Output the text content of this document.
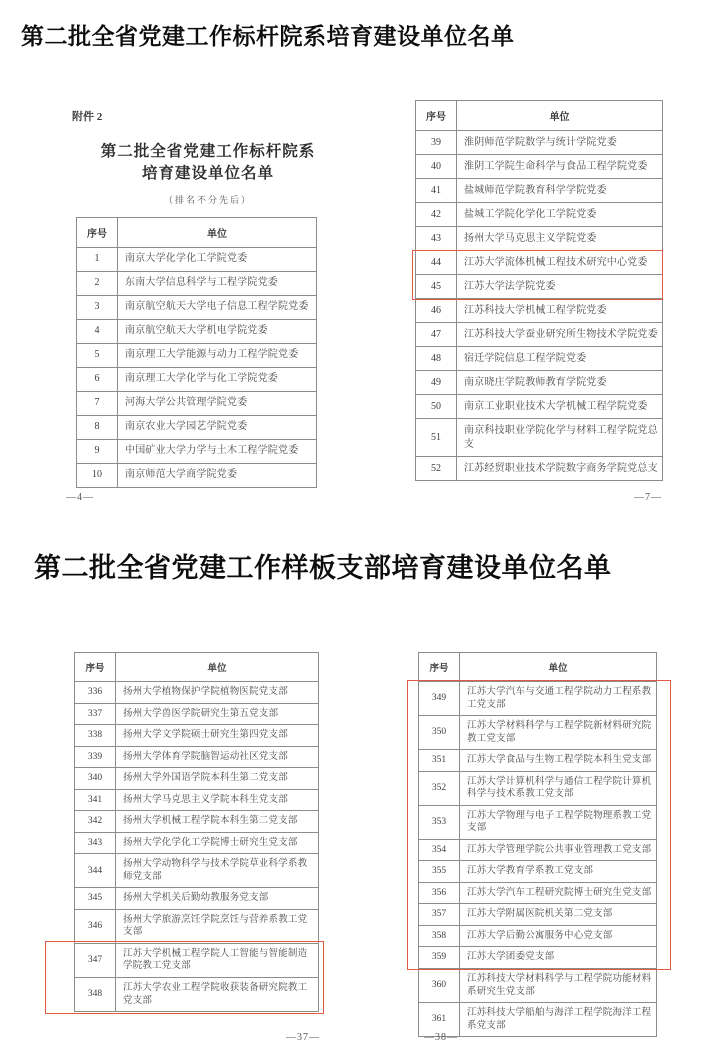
第二批全省党建工作标杆院系培育建设单位名单

附件 2

第二批全省党建工作标杆院系
培育建设单位名单

（排名不分先后）

序号	单位
1	南京大学化学化工学院党委
2	东南大学信息科学与工程学院党委
3	南京航空航天大学电子信息工程学院党委
4	南京航空航天大学机电学院党委
5	南京理工大学能源与动力工程学院党委
6	南京理工大学化学与化工学院党委
7	河海大学公共管理学院党委
8	南京农业大学园艺学院党委
9	中国矿业大学力学与土木工程学院党委
10	南京师范大学商学院党委
序号	单位
39	淮阴师范学院数学与统计学院党委
40	淮阴工学院生命科学与食品工程学院党委
41	盐城师范学院教育科学学院党委
42	盐城工学院化学化工学院党委
43	扬州大学马克思主义学院党委
44	江苏大学流体机械工程技术研究中心党委
45	江苏大学法学院党委
46	江苏科技大学机械工程学院党委
47	江苏科技大学蚕业研究所生物技术学院党委
48	宿迁学院信息工程学院党委
49	南京晓庄学院教师教育学院党委
50	南京工业职业技术大学机械工程学院党委
51	南京科技职业学院化学与材料工程学院党总支
52	江苏经贸职业技术学院数字商务学院党总支
—4—	—7—
第二批全省党建工作样板支部培育建设单位名单
序号	单位
336	扬州大学植物保护学院植物医院党支部
337	扬州大学兽医学院研究生第五党支部
338	扬州大学文学院硕士研究生第四党支部
339	扬州大学体育学院脑智运动社区党支部
340	扬州大学外国语学院本科生第二党支部
341	扬州大学马克思主义学院本科生党支部
342	扬州大学机械工程学院本科生第二党支部
343	扬州大学化学化工学院博士研究生党支部
344	扬州大学动物科学与技术学院草业科学系教师党支部
345	扬州大学机关后勤幼教服务党支部
346	扬州大学旅游烹饪学院烹饪与营养系教工党支部
347	江苏大学机械工程学院人工智能与智能制造学院教工党支部
348	江苏大学农业工程学院收获装备研究院教工党支部
序号	单位
349	江苏大学汽车与交通工程学院动力工程系教工党支部
350	江苏大学材料科学与工程学院新材料研究院教工党支部
351	江苏大学食品与生物工程学院本科生党支部
352	江苏大学计算机科学与通信工程学院计算机科学与技术系教工党支部
353	江苏大学物理与电子工程学院物理系教工党支部
354	江苏大学管理学院公共事业管理教工党支部
355	江苏大学教育学系教工党支部
356	江苏大学汽车工程研究院博士研究生党支部
357	江苏大学附属医院机关第二党支部
358	江苏大学后勤公寓服务中心党支部
359	江苏大学团委党支部
360	江苏科技大学材料科学与工程学院功能材料系研究生党支部
361	江苏科技大学船舶与海洋工程学院海洋工程系党支部
—37—	—38—
